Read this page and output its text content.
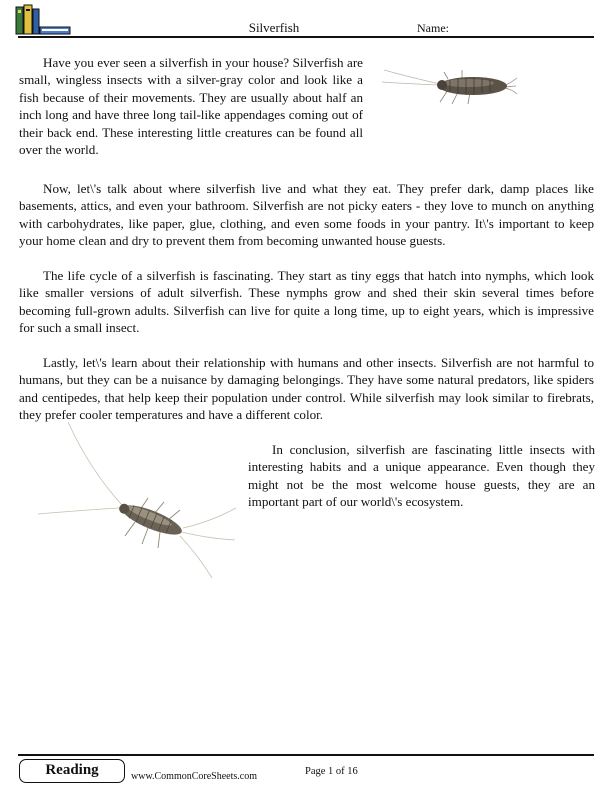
Silverfish	Name:

Have you ever seen a silverfish in your house? Silverfish are small, wingless insects with a silver-gray color and look like a fish because of their movements. They are usually about half an inch long and have three long tail-like appendages coming out of their back end. These interesting little creatures can be found all over the world.

Now, let\'s talk about where silverfish live and what they eat. They prefer dark, damp places like basements, attics, and even your bathroom. Silverfish are not picky eaters - they love to munch on anything with carbohydrates, like paper, glue, clothing, and even some foods in your pantry. It\'s important to keep your home clean and dry to prevent them from becoming unwanted house guests.

The life cycle of a silverfish is fascinating. They start as tiny eggs that hatch into nymphs, which look like smaller versions of adult silverfish. These nymphs grow and shed their skin several times before becoming full-grown adults. Silverfish can live for quite a long time, up to eight years, which is impressive for such a small insect.

Lastly, let\'s learn about their relationship with humans and other insects. Silverfish are not harmful to humans, but they can be a nuisance by damaging belongings. They have some natural predators, like spiders and centipedes, that help keep their population under control. While silverfish may look similar to firebrats, they prefer cooler temperatures and have a different color.

In conclusion, silverfish are fascinating little insects with interesting habits and a unique appearance. Even though they might not be the most welcome house guests, they are an important part of our world\'s ecosystem.

Reading	www.CommonCoreSheets.com	Page 1 of 16
